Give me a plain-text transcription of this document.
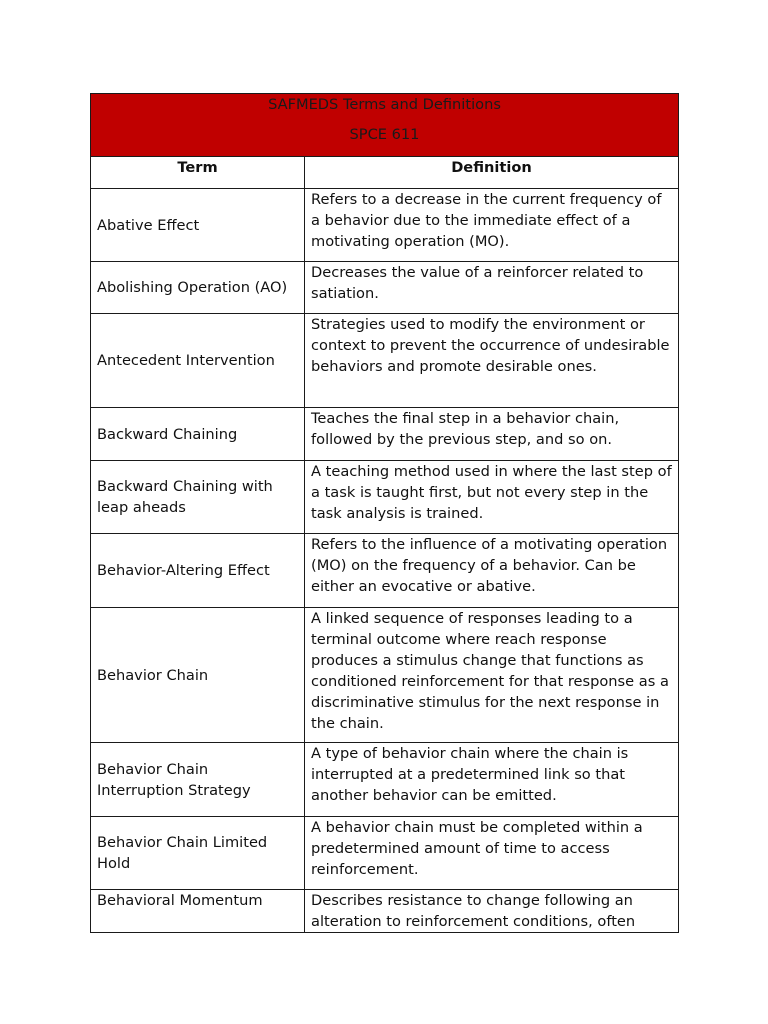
SAFMEDS Terms and Definitions
SPCE 611	

Term	Definition
Abative Effect	Refers to a decrease in the current frequency of a behavior due to the immediate effect of a motivating operation (MO).
Abolishing Operation (AO)	Decreases the value of a reinforcer related to satiation.
Antecedent Intervention	Strategies used to modify the environment or context to prevent the occurrence of undesirable behaviors and promote desirable ones.
Backward Chaining	Teaches the final step in a behavior chain, followed by the previous step, and so on.
Backward Chaining with leap aheads	A teaching method used in where the last step of a task is taught first, but not every step in the task analysis is trained.
Behavior-Altering Effect	Refers to the influence of a motivating operation (MO) on the frequency of a behavior. Can be either an evocative or abative.
Behavior Chain	A linked sequence of responses leading to a terminal outcome where reach response produces a stimulus change that functions as conditioned reinforcement for that response as a discriminative stimulus for the next response in the chain.
Behavior Chain Interruption Strategy	A type of behavior chain where the chain is interrupted at a predetermined link so that another behavior can be emitted.
Behavior Chain Limited Hold	A behavior chain must be completed within a predetermined amount of time to access reinforcement.
Behavioral Momentum	Describes resistance to change following an alteration to reinforcement conditions, often
